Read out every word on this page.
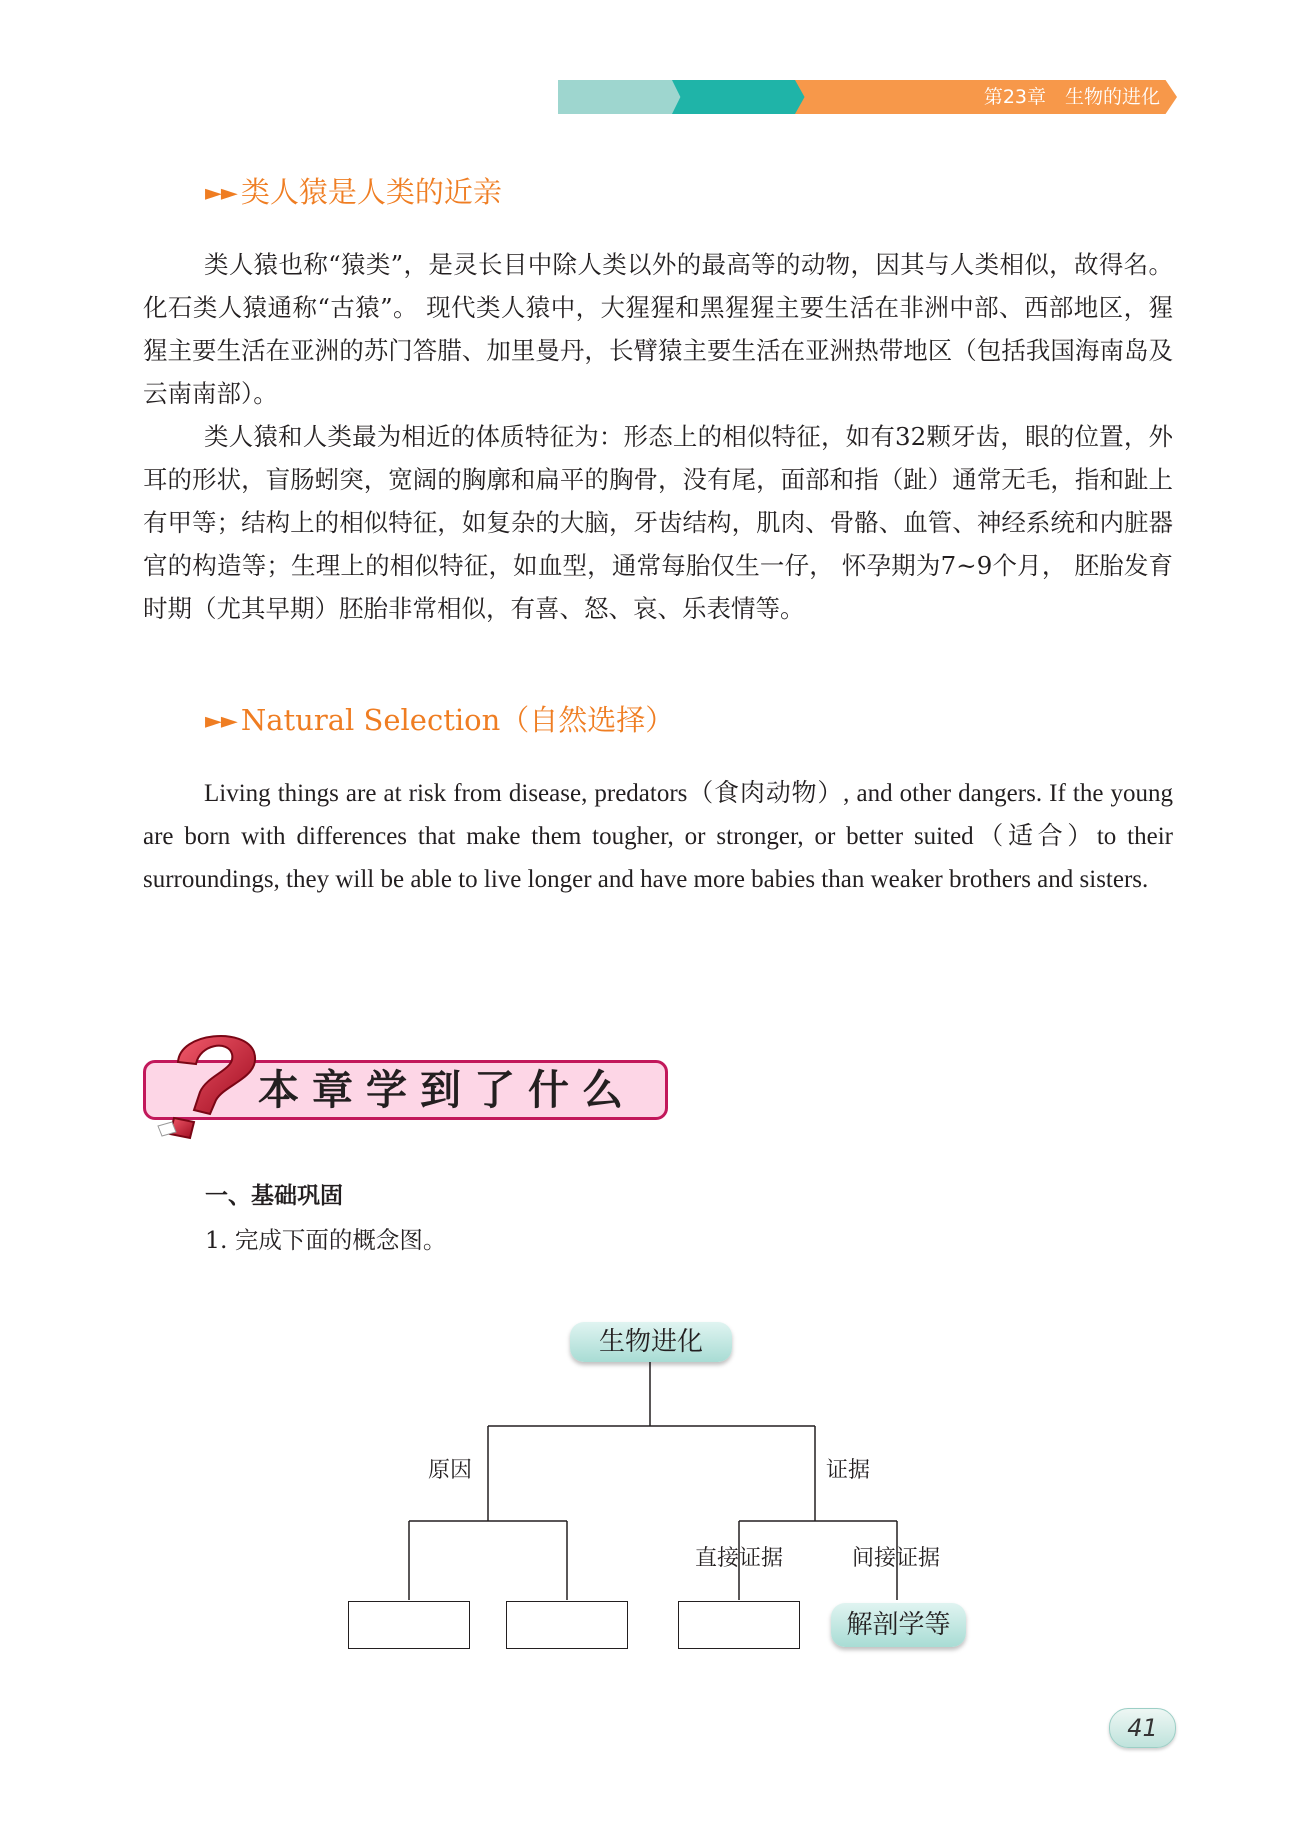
第23章　生物的进化
►► 类人猿是人类的近亲

类人猿也称“猿类”，是灵长目中除人类以外的最高等的动物，因其与人类相似，故得名。化石类人猿通称“古猿”。 现代类人猿中，大猩猩和黑猩猩主要生活在非洲中部、西部地区，猩猩主要生活在亚洲的苏门答腊、加里曼丹，长臂猿主要生活在亚洲热带地区（包括我国海南岛及云南南部）。

类人猿和人类最为相近的体质特征为：形态上的相似特征，如有32颗牙齿，眼的位置，外耳的形状，盲肠蚓突，宽阔的胸廓和扁平的胸骨，没有尾，面部和指（趾）通常无毛，指和趾上有甲等；结构上的相似特征，如复杂的大脑，牙齿结构，肌肉、骨骼、血管、神经系统和内脏器官的构造等；生理上的相似特征，如血型，通常每胎仅生一仔， 怀孕期为7~9个月， 胚胎发育时期（尤其早期）胚胎非常相似，有喜、怒、哀、乐表情等。

►► Natural Selection（自然选择）

Living things are at risk from disease, predators（食肉动物）, and other dangers. If the young are born with differences that make them tougher, or stronger, or better suited（适合）to their surroundings, they will be able to live longer and have more babies than weaker brothers and sisters.

本章学到了什么
一、基础巩固
1. 完成下面的概念图。
生物进化
原因	证据
直接证据	间接证据
解剖学等
41
